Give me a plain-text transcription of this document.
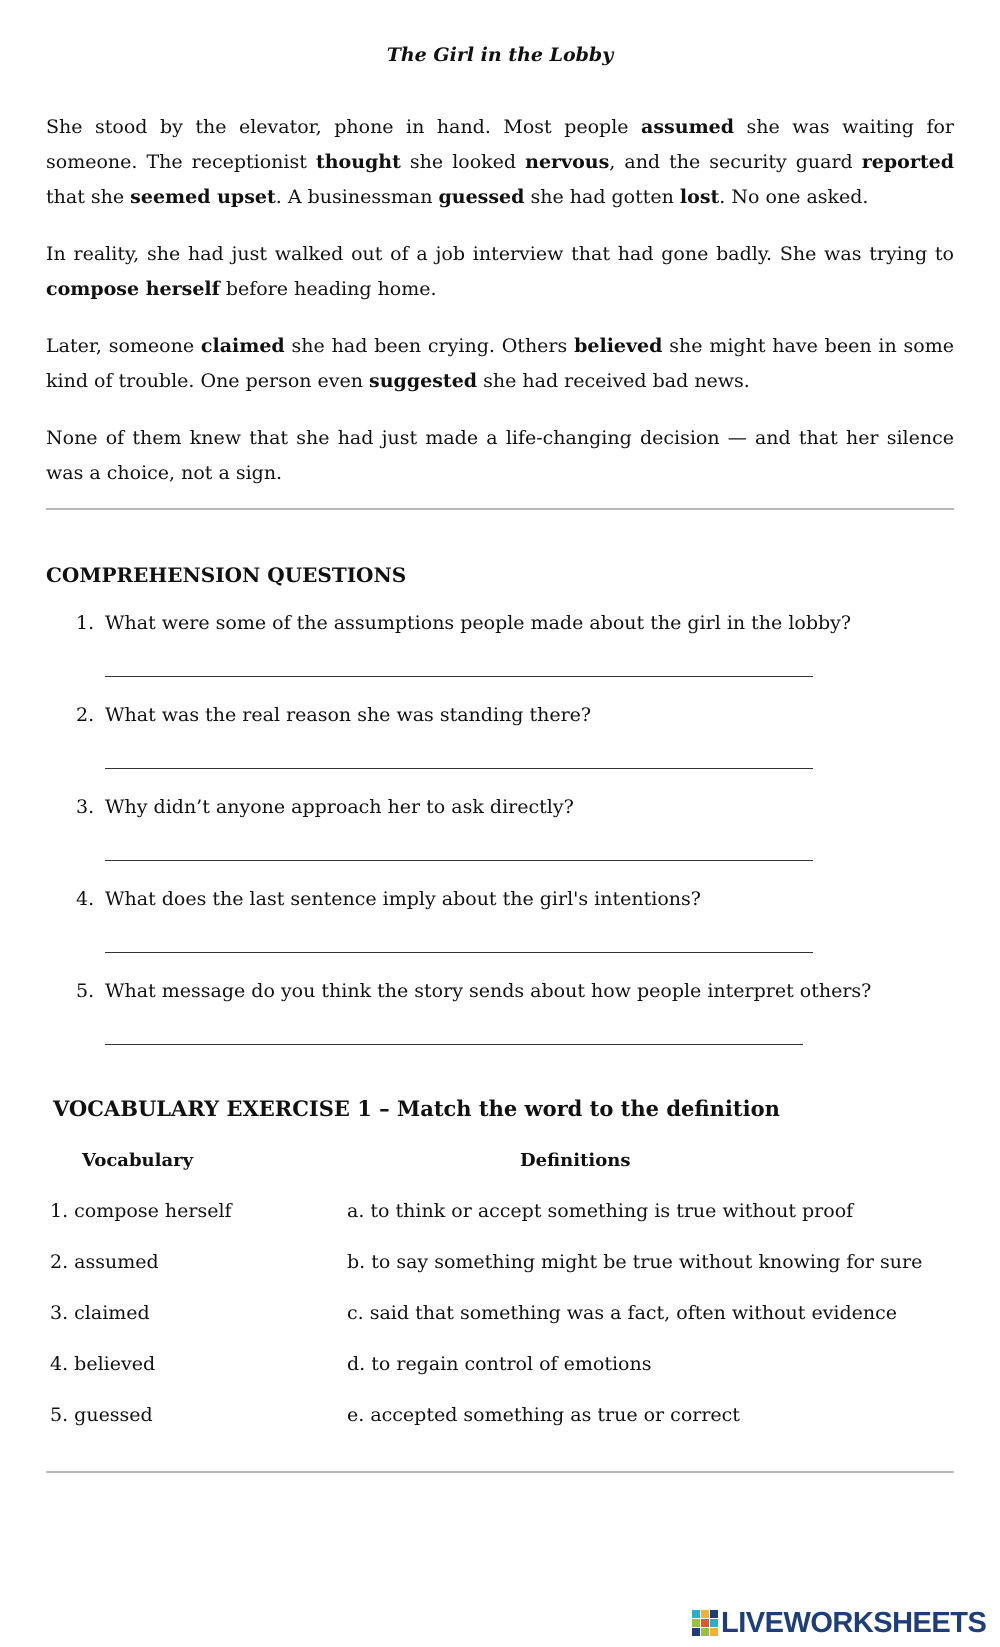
The Girl in the Lobby

She stood by the elevator, phone in hand. Most people assumed she was waiting for someone. The receptionist thought she looked nervous, and the security guard reported that she seemed upset. A businessman guessed she had gotten lost. No one asked.

In reality, she had just walked out of a job interview that had gone badly. She was trying to compose herself before heading home.

Later, someone claimed she had been crying. Others believed she might have been in some kind of trouble. One person even suggested she had received bad news.

None of them knew that she had just made a life-changing decision — and that her silence was a choice, not a sign.

COMPREHENSION QUESTIONS
1. What were some of the assumptions people made about the girl in the lobby?
2. What was the real reason she was standing there?
3. Why didn’t anyone approach her to ask directly?
4. What does the last sentence imply about the girl's intentions?
5. What message do you think the story sends about how people interpret others?
VOCABULARY EXERCISE 1 – Match the word to the definition
Vocabulary	Definitions
1. compose herself	a. to think or accept something is true without proof
2. assumed	b. to say something might be true without knowing for sure
3. claimed	c. said that something was a fact, often without evidence
4. believed	d. to regain control of emotions
5. guessed	e. accepted something as true or correct
LIVEWORKSHEETS
